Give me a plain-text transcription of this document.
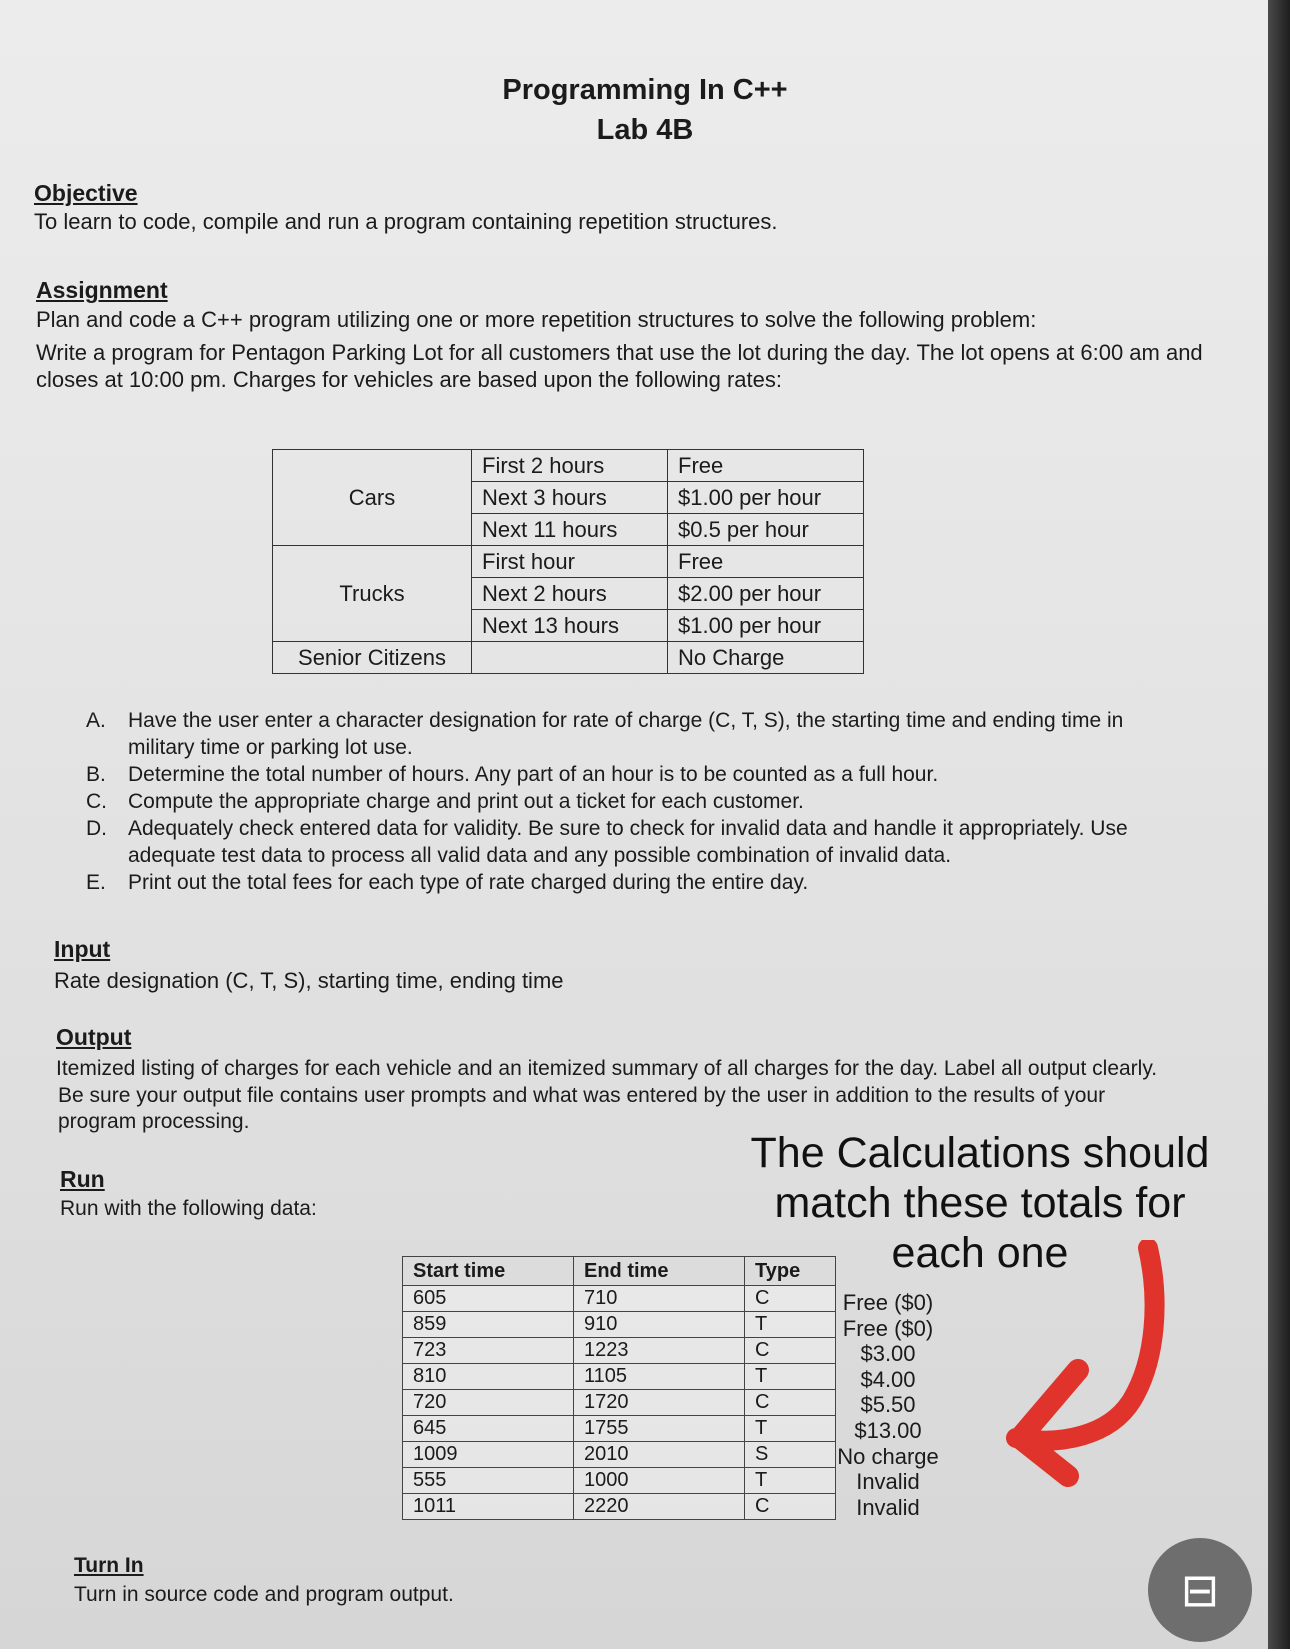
Programming In C++
Lab 4B
Objective
To learn to code, compile and run a program containing repetition structures.
Assignment
Plan and code a C++ program utilizing one or more repetition structures to solve the following problem:
Write a program for Pentagon Parking Lot for all customers that use the lot during the day. The lot opens at 6:00 am and
closes at 10:00 pm. Charges for vehicles are based upon the following rates:
Cars	First 2 hours	Free
	Next 3 hours	$1.00 per hour
	Next 11 hours	$0.5 per hour
Trucks	First hour	Free
	Next 2 hours	$2.00 per hour
	Next 13 hours	$1.00 per hour
Senior Citizens		No Charge
A.	Have the user enter a character designation for rate of charge (C, T, S), the starting time and ending time in
military time or parking lot use.
B.	Determine the total number of hours. Any part of an hour is to be counted as a full hour.
C.	Compute the appropriate charge and print out a ticket for each customer.
D.	Adequately check entered data for validity. Be sure to check for invalid data and handle it appropriately. Use
adequate test data to process all valid data and any possible combination of invalid data.
E.	Print out the total fees for each type of rate charged during the entire day.
Input
Rate designation (C, T, S), starting time, ending time
Output
Itemized listing of charges for each vehicle and an itemized summary of all charges for the day. Label all output clearly.
Be sure your output file contains user prompts and what was entered by the user in addition to the results of your
program processing.
Run
Run with the following data:
Start time	End time	Type
605	710	C
859	910	T
723	1223	C
810	1105	T
720	1720	C
645	1755	T
1009	2010	S
555	1000	T
1011	2220	C
The Calculations should
match these totals for
each one
Free ($0)
Free ($0)
$3.00
$4.00
$5.50
$13.00
No charge
Invalid
Invalid
Turn In
Turn in source code and program output.	⊟
